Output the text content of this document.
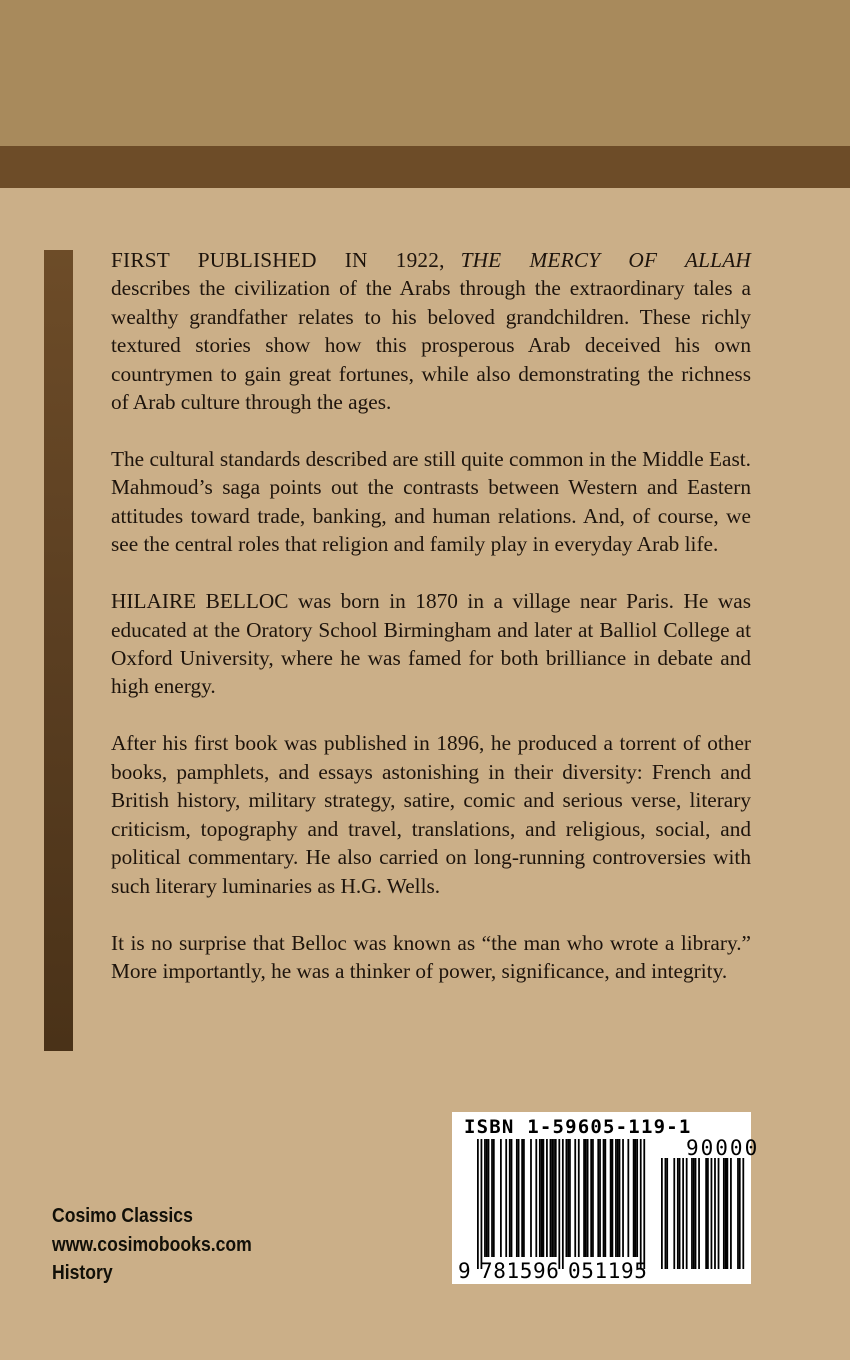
FIRST PUBLISHED IN 1922, THE MERCY OF ALLAH describes the civilization of the Arabs through the extraordinary tales a wealthy grandfather relates to his beloved grandchildren. These richly textured stories show how this prosperous Arab deceived his own countrymen to gain great fortunes, while also demonstrating the richness of Arab culture through the ages.

The cultural standards described are still quite common in the Middle East. Mahmoud’s saga points out the contrasts between Western and Eastern attitudes toward trade, banking, and human relations. And, of course, we see the central roles that religion and family play in everyday Arab life.

HILAIRE BELLOC was born in 1870 in a village near Paris. He was educated at the Oratory School Birmingham and later at Balliol College at Oxford University, where he was famed for both brilliance in debate and high energy.

After his first book was published in 1896, he produced a torrent of other books, pamphlets, and essays astonishing in their diversity: French and British history, military strategy, satire, comic and serious verse, literary criticism, topography and travel, translations, and religious, social, and political commentary. He also carried on long-running controversies with such literary luminaries as H.G. Wells.

It is no surprise that Belloc was known as “the man who wrote a library.” More importantly, he was a thinker of power, significance, and integrity.

Cosimo Classics
www.cosimobooks.com
History
ISBN 1-59605-119-1
90000
9 781596 051195
